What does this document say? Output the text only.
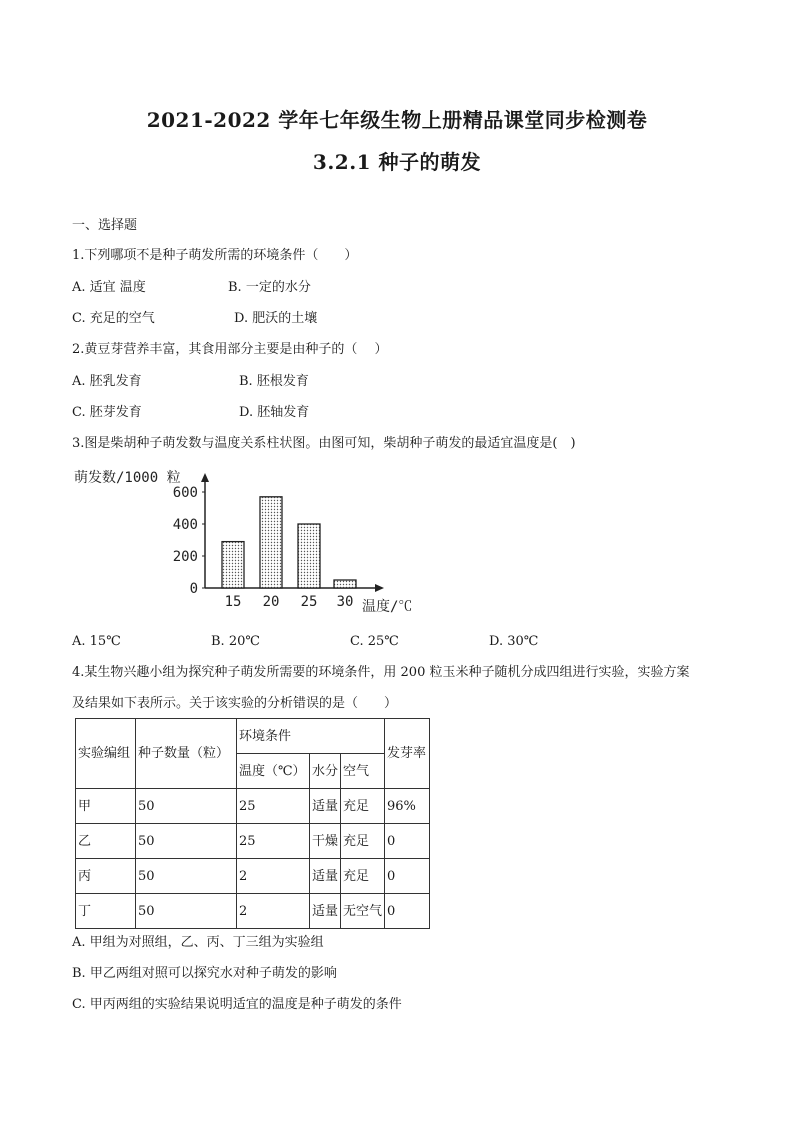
2021-2022 学年七年级生物上册精品课堂同步检测卷
3.2.1 种子的萌发
一、选择题
1.下列哪项不是种子萌发所需的环境条件（　　）
A. 适宜 温度	B. 一定的水分
C. 充足的空气	D. 肥沃的土壤
2.黄豆芽营养丰富，其食用部分主要是由种子的（　 ）
A. 胚乳发育	B. 胚根发育
C. 胚芽发育	D. 胚轴发育
3.图是柴胡种子萌发数与温度关系柱状图。由图可知，柴胡种子萌发的最适宜温度是(　)
萌发数/1000 粒
0
200
400
600
15 20 25 30 温度/℃
A. 15℃	B. 20℃	C. 25℃	D. 30℃
4.某生物兴趣小组为探究种子萌发所需要的环境条件，用 200 粒玉米种子随机分成四组进行实验，实验方案
及结果如下表所示。关于该实验的分析错误的是（　　）
实验编组	种子数量（粒）	环境条件			发芽率
		温度（℃）	水分	空气	
甲	50	25	适量	充足	96%
乙	50	25	干燥	充足	0
丙	50	2	适量	充足	0
丁	50	2	适量	无空气	0
A. 甲组为对照组，乙、丙、丁三组为实验组
B. 甲乙两组对照可以探究水对种子萌发的影响
C. 甲丙两组的实验结果说明适宜的温度是种子萌发的条件
